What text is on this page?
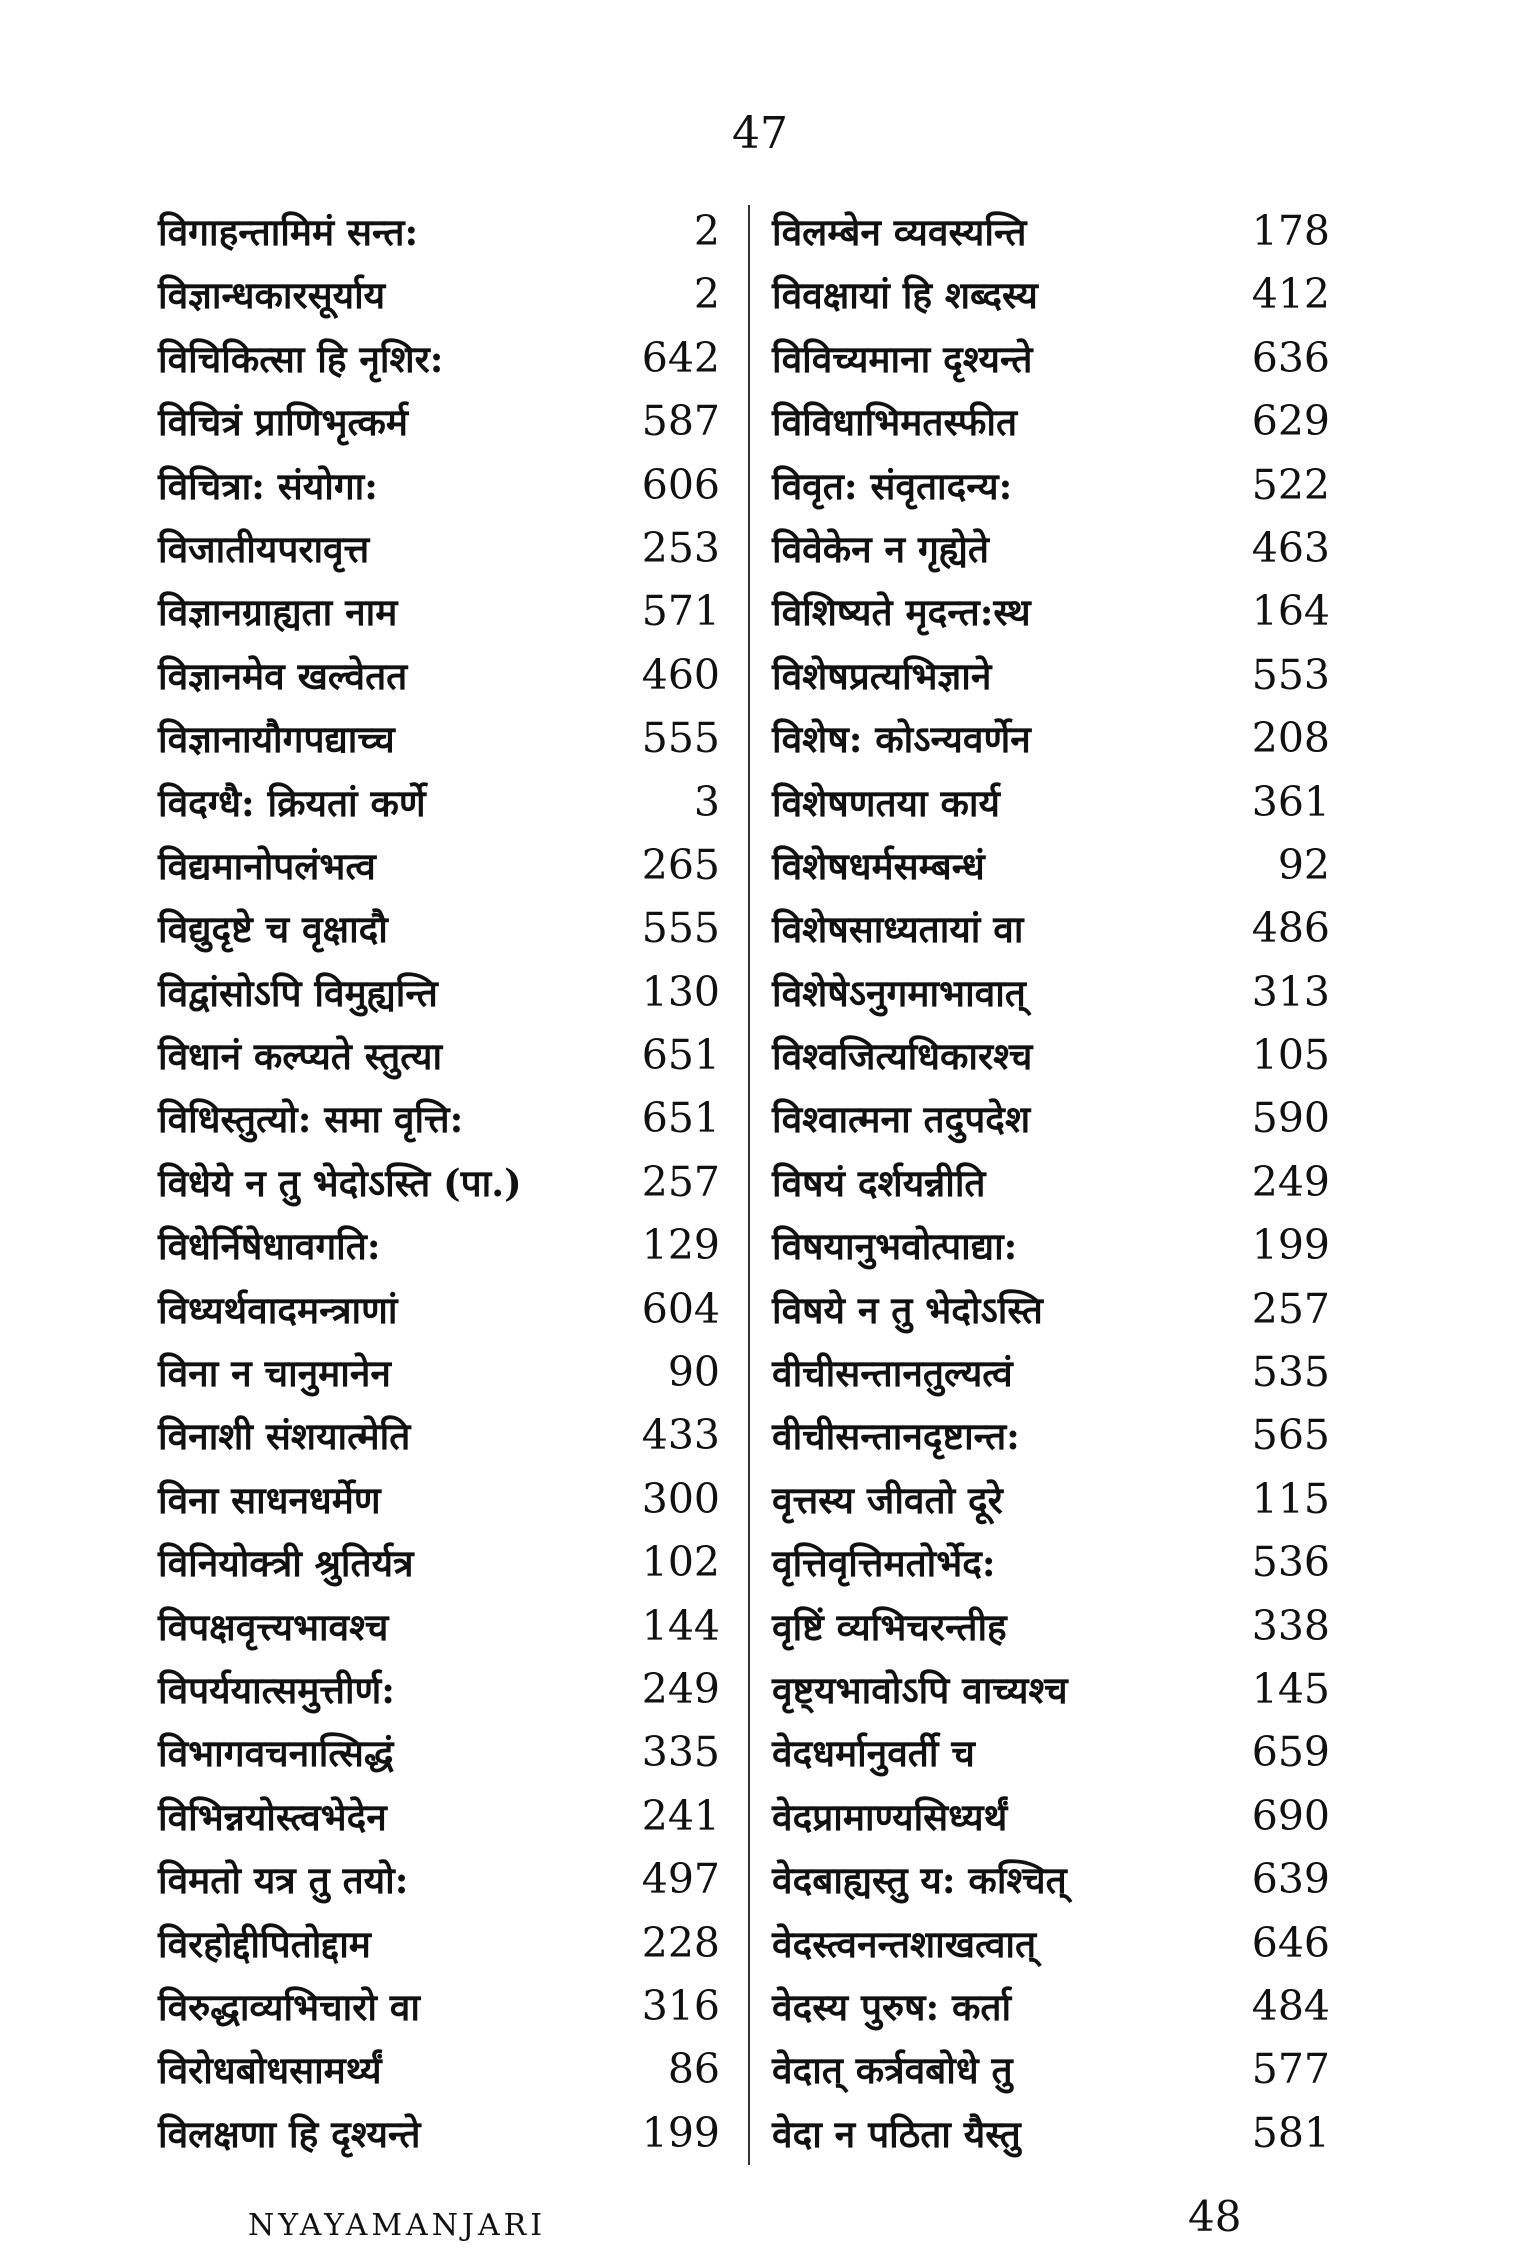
47
विगाहन्तामिमं सन्त:	2
विज्ञान्धकारसूर्याय	2
विचिकित्सा हि नृशिर:	642
विचित्रं प्राणिभृत्कर्म	587
विचित्रा: संयोगा:	606
विजातीयपरावृत्त	253
विज्ञानग्राह्यता नाम	571
विज्ञानमेव खल्वेतत	460
विज्ञानायौगपद्याच्च	555
विदग्धै: क्रियतां कर्णे	3
विद्यमानोपलंभत्व	265
विद्युदृष्टे च वृक्षादौ	555
विद्वांसोऽपि विमुह्यन्ति	130
विधानं कल्प्यते स्तुत्या	651
विधिस्तुत्यो: समा वृत्ति:	651
विधेये न तु भेदोऽस्ति (पा.)	257
विधेर्निषेधावगति:	129
विध्यर्थवादमन्त्राणां	604
विना न चानुमानेन	90
विनाशी संशयात्मेति	433
विना साधनधर्मेण	300
विनियोक्त्री श्रुतिर्यत्र	102
विपक्षवृत्त्यभावश्च	144
विपर्ययात्समुत्तीर्ण:	249
विभागवचनात्सिद्धं	335
विभिन्नयोस्त्वभेदेन	241
विमतो यत्र तु तयो:	497
विरहोद्दीपितोद्दाम	228
विरुद्धाव्यभिचारो वा	316
विरोधबोधसामर्थ्यं	86
विलक्षणा हि दृश्यन्ते	199
विलम्बेन व्यवस्यन्ति	178
विवक्षायां हि शब्दस्य	412
विविच्यमाना दृश्यन्ते	636
विविधाभिमतस्फीत	629
विवृत: संवृतादन्य:	522
विवेकेन न गृह्येते	463
विशिष्यते मृदन्त:स्थ	164
विशेषप्रत्यभिज्ञाने	553
विशेष: कोऽन्यवर्णेन	208
विशेषणतया कार्य	361
विशेषधर्मसम्बन्धं	92
विशेषसाध्यतायां वा	486
विशेषेऽनुगमाभावात्	313
विश्वजित्यधिकारश्च	105
विश्वात्मना तदुपदेश	590
विषयं दर्शयन्नीति	249
विषयानुभवोत्पाद्या:	199
विषये न तु भेदोऽस्ति	257
वीचीसन्तानतुल्यत्वं	535
वीचीसन्तानदृष्टान्त:	565
वृत्तस्य जीवतो दूरे	115
वृत्तिवृत्तिमतोर्भेद:	536
वृष्टिं व्यभिचरन्तीह	338
वृष्ट्यभावोऽपि वाच्यश्च	145
वेदधर्मानुवर्ती च	659
वेदप्रामाण्यसिध्यर्थं	690
वेदबाह्यस्तु य: कश्चित्	639
वेदस्त्वनन्तशाखत्वात्	646
वेदस्य पुरुष: कर्ता	484
वेदात् कर्त्रवबोधे तु	577
वेदा न पठिता यैस्तु	581
NYAYAMANJARI	48
